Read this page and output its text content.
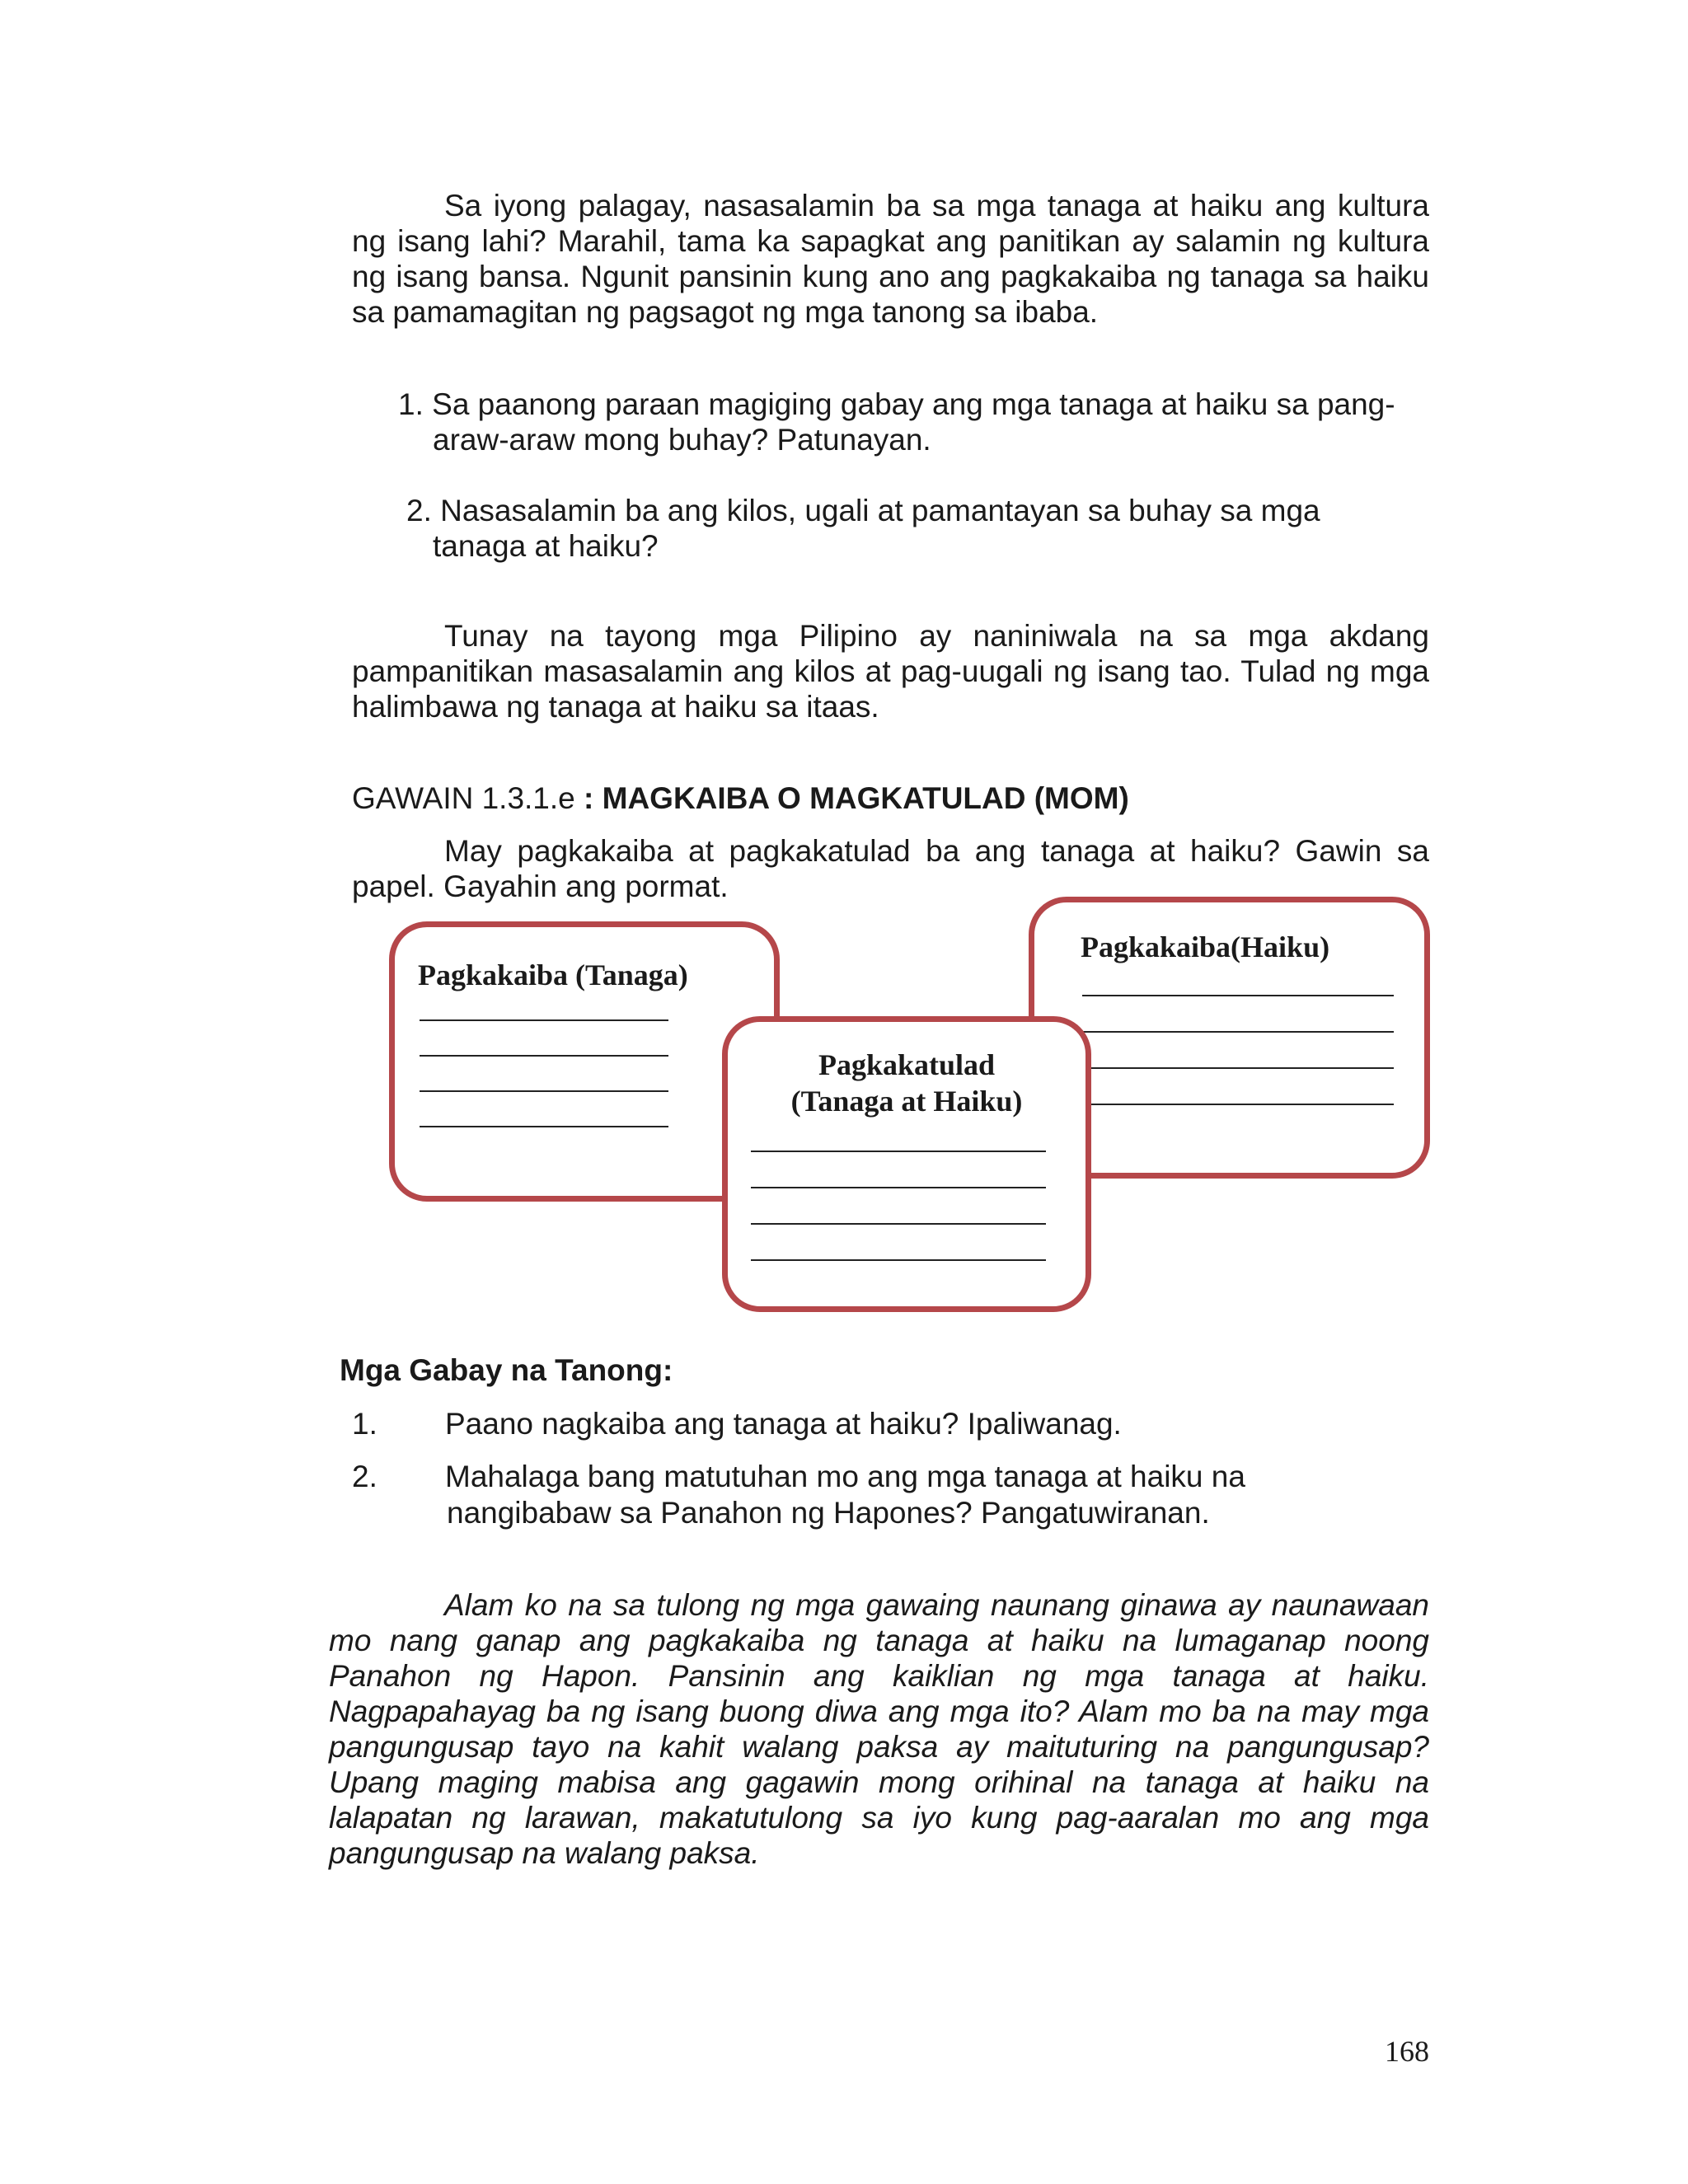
Sa iyong palagay, nasasalamin ba sa mga tanaga at haiku ang kultura ng isang lahi? Marahil, tama ka sapagkat ang panitikan ay salamin ng kultura ng isang bansa. Ngunit pansinin kung ano ang pagkakaiba ng tanaga sa haiku sa pamamagitan ng pagsagot ng mga tanong sa ibaba.
1. Sa paanong paraan magiging gabay ang mga tanaga at haiku sa pang-
araw-araw mong buhay? Patunayan.
2. Nasasalamin ba ang kilos, ugali at pamantayan sa buhay sa mga
tanaga at haiku?
Tunay na tayong mga Pilipino ay naniniwala na sa mga akdang pampanitikan masasalamin ang kilos at pag-uugali ng isang tao. Tulad ng mga halimbawa ng tanaga at haiku sa itaas.
GAWAIN 1.3.1.e : MAGKAIBA O MAGKATULAD (MOM)
May pagkakaiba at pagkakatulad ba ang tanaga at haiku? Gawin sa papel. Gayahin ang pormat.
Pagkakaiba (Tanaga)
Pagkakaiba(Haiku)
Pagkakatulad
(Tanaga at Haiku)
Mga Gabay na Tanong:
1. Paano nagkaiba ang tanaga at haiku? Ipaliwanag.
2. Mahalaga bang matutuhan mo ang mga tanaga at haiku na
nangibabaw sa Panahon ng Hapones? Pangatuwiranan.
Alam ko na sa tulong ng mga gawaing naunang ginawa ay naunawaan mo nang ganap ang pagkakaiba ng tanaga at haiku na lumaganap noong Panahon ng Hapon. Pansinin ang kaiklian ng mga tanaga at haiku. Nagpapahayag ba ng isang buong diwa ang mga ito? Alam mo ba na may mga pangungusap tayo na kahit walang paksa ay maituturing na pangungusap? Upang maging mabisa ang gagawin mong orihinal na tanaga at haiku na lalapatan ng larawan, makatutulong sa iyo kung pag-aaralan mo ang mga pangungusap na walang paksa.
168
